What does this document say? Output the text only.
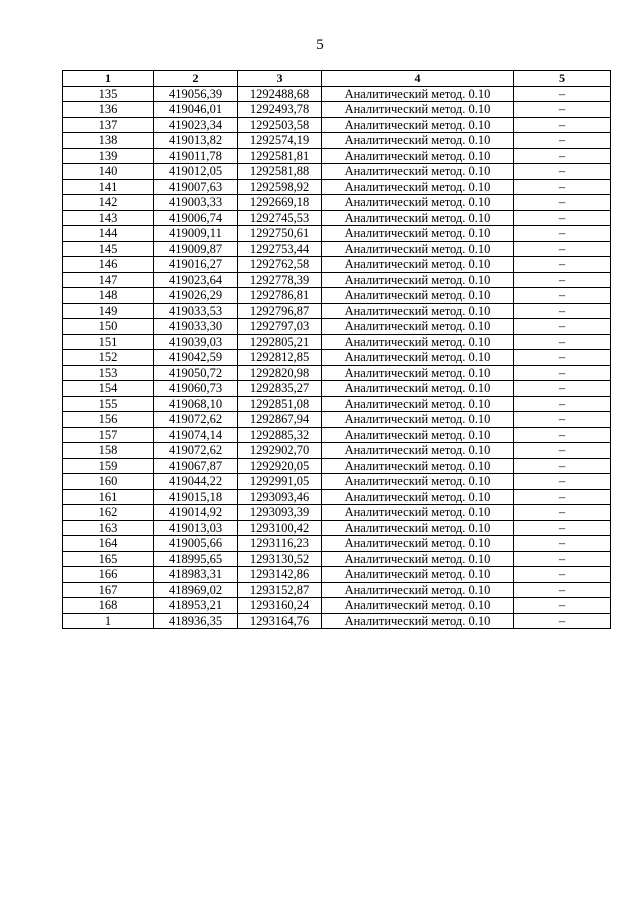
5
1	2	3	4	5
135	419056,39	1292488,68	Аналитический метод. 0.10	–
136	419046,01	1292493,78	Аналитический метод. 0.10	–
137	419023,34	1292503,58	Аналитический метод. 0.10	–
138	419013,82	1292574,19	Аналитический метод. 0.10	–
139	419011,78	1292581,81	Аналитический метод. 0.10	–
140	419012,05	1292581,88	Аналитический метод. 0.10	–
141	419007,63	1292598,92	Аналитический метод. 0.10	–
142	419003,33	1292669,18	Аналитический метод. 0.10	–
143	419006,74	1292745,53	Аналитический метод. 0.10	–
144	419009,11	1292750,61	Аналитический метод. 0.10	–
145	419009,87	1292753,44	Аналитический метод. 0.10	–
146	419016,27	1292762,58	Аналитический метод. 0.10	–
147	419023,64	1292778,39	Аналитический метод. 0.10	–
148	419026,29	1292786,81	Аналитический метод. 0.10	–
149	419033,53	1292796,87	Аналитический метод. 0.10	–
150	419033,30	1292797,03	Аналитический метод. 0.10	–
151	419039,03	1292805,21	Аналитический метод. 0.10	–
152	419042,59	1292812,85	Аналитический метод. 0.10	–
153	419050,72	1292820,98	Аналитический метод. 0.10	–
154	419060,73	1292835,27	Аналитический метод. 0.10	–
155	419068,10	1292851,08	Аналитический метод. 0.10	–
156	419072,62	1292867,94	Аналитический метод. 0.10	–
157	419074,14	1292885,32	Аналитический метод. 0.10	–
158	419072,62	1292902,70	Аналитический метод. 0.10	–
159	419067,87	1292920,05	Аналитический метод. 0.10	–
160	419044,22	1292991,05	Аналитический метод. 0.10	–
161	419015,18	1293093,46	Аналитический метод. 0.10	–
162	419014,92	1293093,39	Аналитический метод. 0.10	–
163	419013,03	1293100,42	Аналитический метод. 0.10	–
164	419005,66	1293116,23	Аналитический метод. 0.10	–
165	418995,65	1293130,52	Аналитический метод. 0.10	–
166	418983,31	1293142,86	Аналитический метод. 0.10	–
167	418969,02	1293152,87	Аналитический метод. 0.10	–
168	418953,21	1293160,24	Аналитический метод. 0.10	–
1	418936,35	1293164,76	Аналитический метод. 0.10	–
